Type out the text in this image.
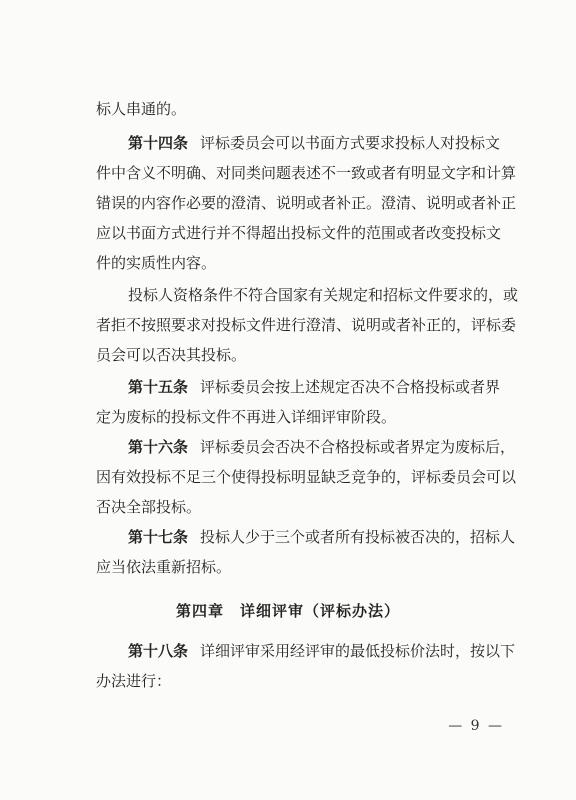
标人串通的。
第十四条 评标委员会可以书面方式要求投标人对投标文
件中含义不明确、对同类问题表述不一致或者有明显文字和计算
错误的内容作必要的澄清、说明或者补正。澄清、说明或者补正
应以书面方式进行并不得超出投标文件的范围或者改变投标文
件的实质性内容。
投标人资格条件不符合国家有关规定和招标文件要求的，或
者拒不按照要求对投标文件进行澄清、说明或者补正的，评标委
员会可以否决其投标。
第十五条 评标委员会按上述规定否决不合格投标或者界
定为废标的投标文件不再进入详细评审阶段。
第十六条 评标委员会否决不合格投标或者界定为废标后，
因有效投标不足三个使得投标明显缺乏竞争的，评标委员会可以
否决全部投标。
第十七条 投标人少于三个或者所有投标被否决的，招标人
应当依法重新招标。
第四章　详细评审（评标办法）
第十八条 详细评审采用经评审的最低投标价法时，按以下
办法进行：
— 9 —
